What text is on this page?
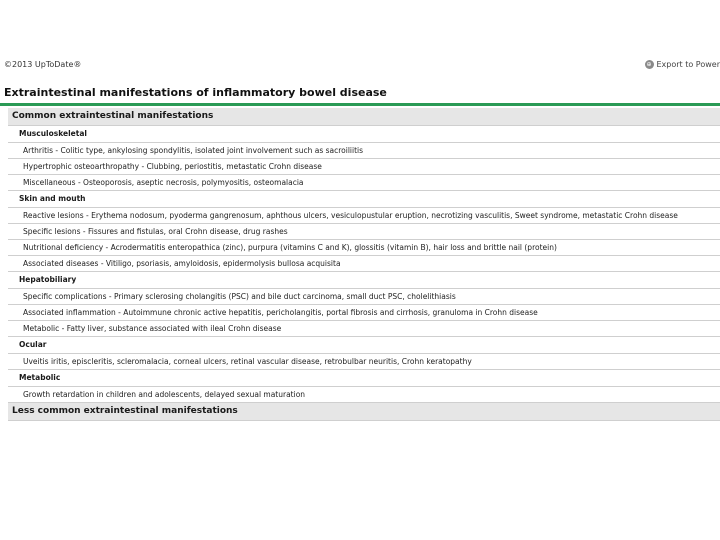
©2013 UpToDate®	⊕ Export to Power
Extraintestinal manifestations of inflammatory bowel disease
Common extraintestinal manifestations
Musculoskeletal
Arthritis - Colitic type, ankylosing spondylitis, isolated joint involvement such as sacroiliitis
Hypertrophic osteoarthropathy - Clubbing, periostitis, metastatic Crohn disease
Miscellaneous - Osteoporosis, aseptic necrosis, polymyositis, osteomalacia
Skin and mouth
Reactive lesions - Erythema nodosum, pyoderma gangrenosum, aphthous ulcers, vesiculopustular eruption, necrotizing vasculitis, Sweet syndrome, metastatic Crohn disease
Specific lesions - Fissures and fistulas, oral Crohn disease, drug rashes
Nutritional deficiency - Acrodermatitis enteropathica (zinc), purpura (vitamins C and K), glossitis (vitamin B), hair loss and brittle nail (protein)
Associated diseases - Vitiligo, psoriasis, amyloidosis, epidermolysis bullosa acquisita
Hepatobiliary
Specific complications - Primary sclerosing cholangitis (PSC) and bile duct carcinoma, small duct PSC, cholelithiasis
Associated inflammation - Autoimmune chronic active hepatitis, pericholangitis, portal fibrosis and cirrhosis, granuloma in Crohn disease
Metabolic - Fatty liver, substance associated with ileal Crohn disease
Ocular
Uveitis iritis, episcleritis, scleromalacia, corneal ulcers, retinal vascular disease, retrobulbar neuritis, Crohn keratopathy
Metabolic
Growth retardation in children and adolescents, delayed sexual maturation
Less common extraintestinal manifestations
